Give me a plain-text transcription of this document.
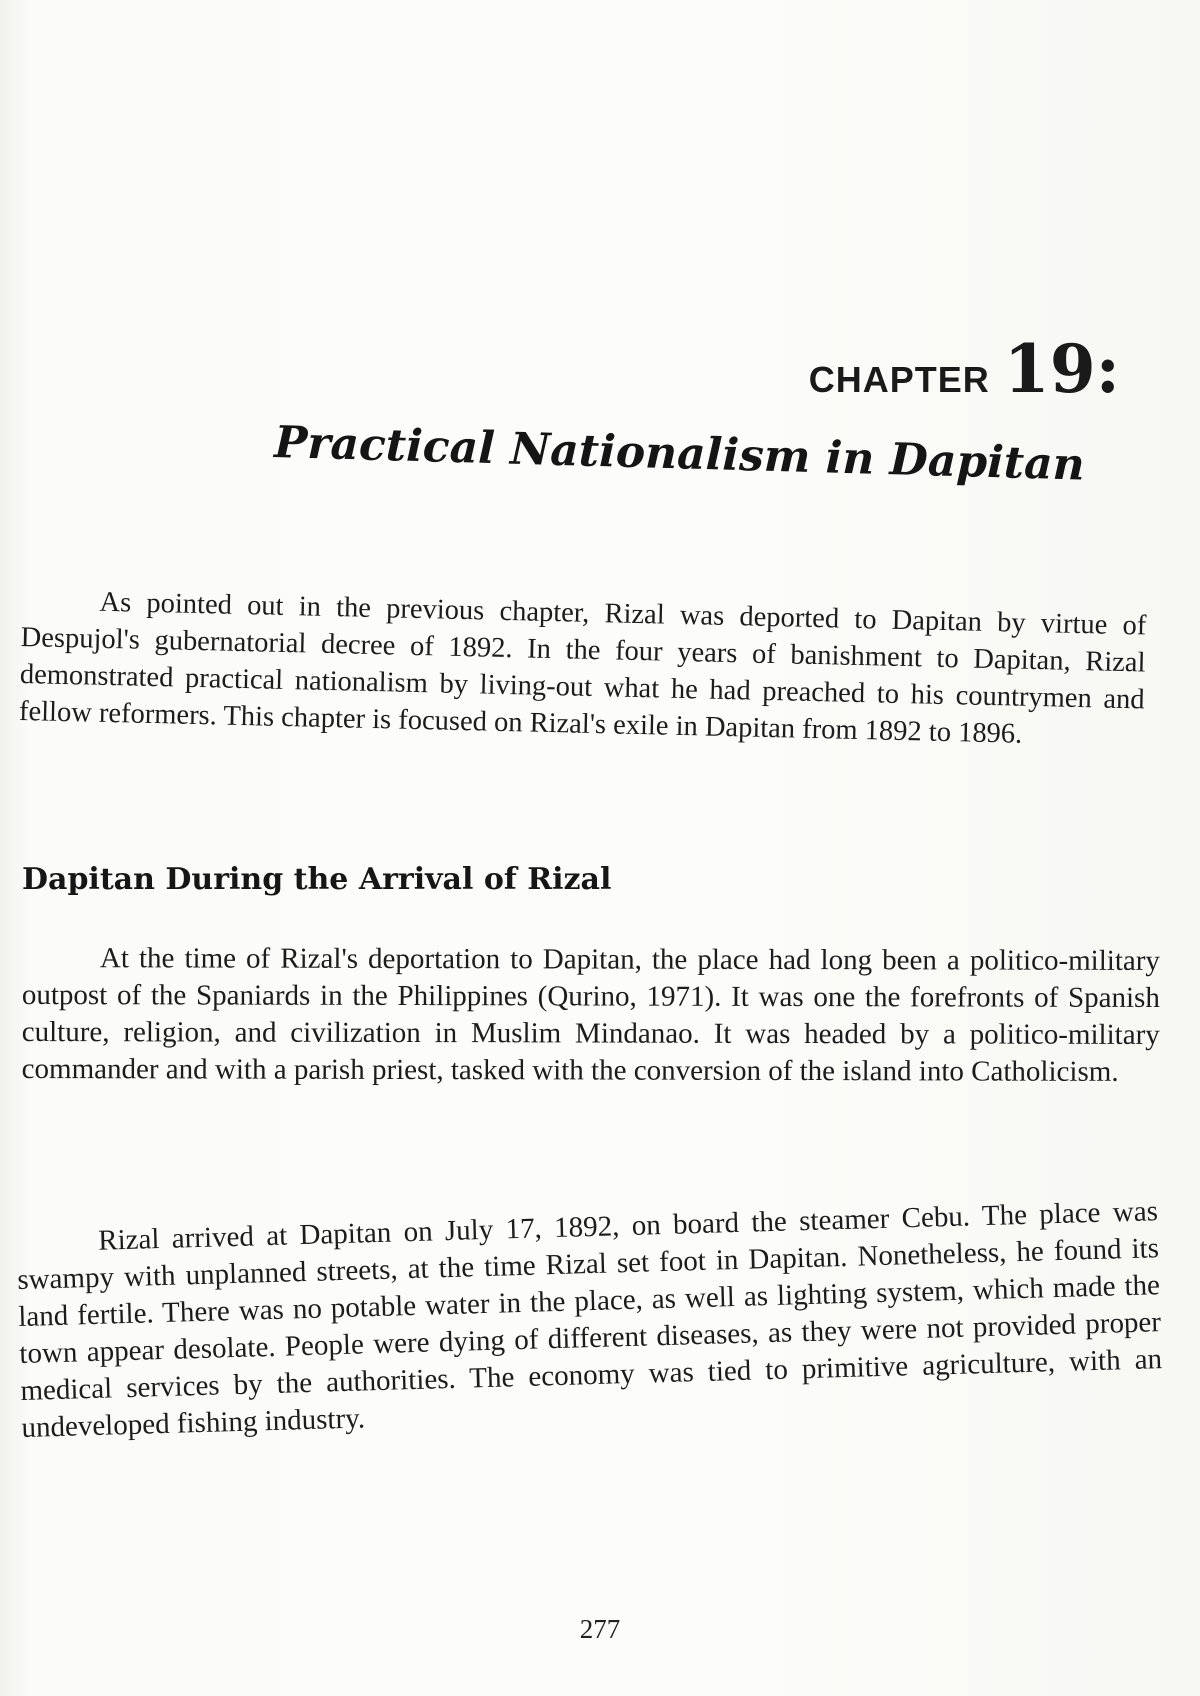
CHAPTER 19:
Practical Nationalism in Dapitan

As pointed out in the previous chapter, Rizal was deported to Dapitan by virtue of Despujol's gubernatorial decree of 1892. In the four years of banishment to Dapitan, Rizal demonstrated practical nationalism by living-out what he had preached to his countrymen and fellow reformers. This chapter is focused on Rizal's exile in Dapitan from 1892 to 1896.

Dapitan During the Arrival of Rizal

At the time of Rizal's deportation to Dapitan, the place had long been a politico-military outpost of the Spaniards in the Philippines (Qurino, 1971). It was one the forefronts of Spanish culture, religion, and civilization in Muslim Mindanao. It was headed by a politico-military commander and with a parish priest, tasked with the conversion of the island into Catholicism.

Rizal arrived at Dapitan on July 17, 1892, on board the steamer Cebu. The place was swampy with unplanned streets, at the time Rizal set foot in Dapitan. Nonetheless, he found its land fertile. There was no potable water in the place, as well as lighting system, which made the town appear desolate. People were dying of different diseases, as they were not provided proper medical services by the authorities. The economy was tied to primitive agriculture, with an undeveloped fishing industry.

277
